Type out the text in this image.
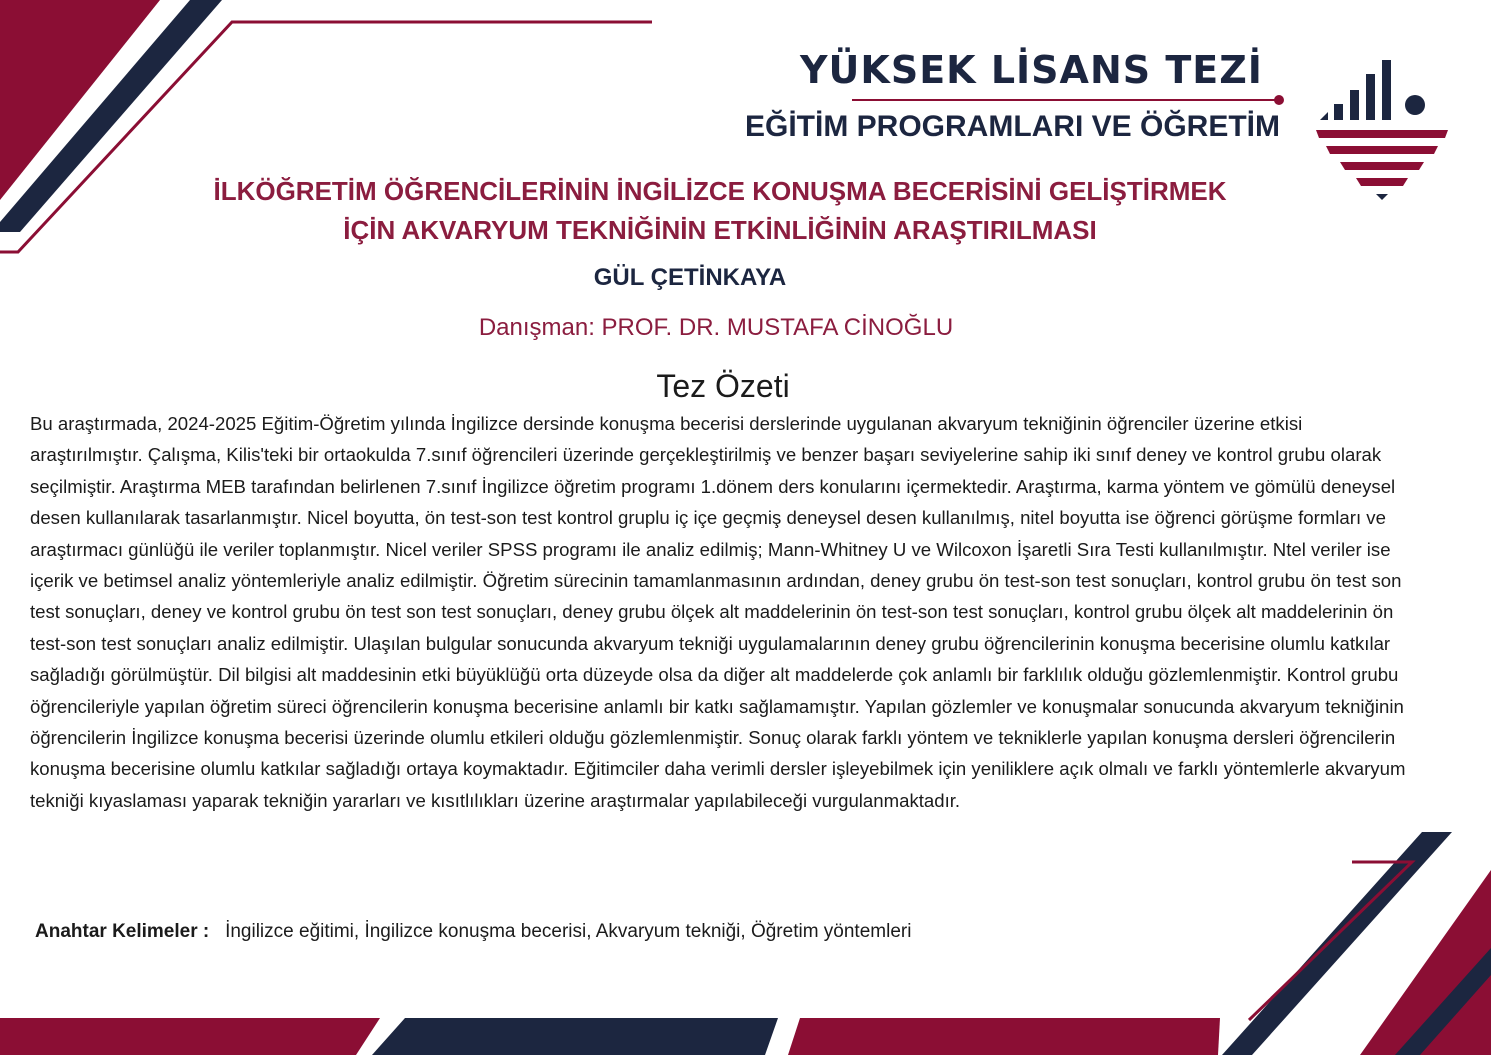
YÜKSEK LİSANS TEZİ
EĞİTİM PROGRAMLARI VE ÖĞRETİM
İLKÖĞRETİM ÖĞRENCİLERİNİN İNGİLİZCE KONUŞMA BECERİSİNİ GELİŞTİRMEK
İÇİN AKVARYUM TEKNİĞİNİN ETKİNLİĞİNİN ARAŞTIRILMASI
GÜL ÇETİNKAYA
Danışman: PROF. DR. MUSTAFA CİNOĞLU
Tez Özeti

Bu araştırmada, 2024-2025 Eğitim-Öğretim yılında İngilizce dersinde konuşma becerisi derslerinde uygulanan akvaryum tekniğinin öğrenciler üzerine etkisi araştırılmıştır. Çalışma, Kilis'teki bir ortaokulda 7.sınıf öğrencileri üzerinde gerçekleştirilmiş ve benzer başarı seviyelerine sahip iki sınıf deney ve kontrol grubu olarak seçilmiştir. Araştırma MEB tarafından belirlenen 7.sınıf İngilizce öğretim programı 1.dönem ders konularını içermektedir. Araştırma, karma yöntem ve gömülü deneysel desen kullanılarak tasarlanmıştır. Nicel boyutta, ön test-son test kontrol gruplu iç içe geçmiş deneysel desen kullanılmış, nitel boyutta ise öğrenci görüşme formları ve araştırmacı günlüğü ile veriler toplanmıştır. Nicel veriler SPSS programı ile analiz edilmiş; Mann-Whitney U ve Wilcoxon İşaretli Sıra Testi kullanılmıştır. Ntel veriler ise içerik ve betimsel analiz yöntemleriyle analiz edilmiştir. Öğretim sürecinin tamamlanmasının ardından, deney grubu ön test-son test sonuçları, kontrol grubu ön test son test sonuçları, deney ve kontrol grubu ön test son test sonuçları, deney grubu ölçek alt maddelerinin ön test-son test sonuçları, kontrol grubu ölçek alt maddelerinin ön test-son test sonuçları analiz edilmiştir. Ulaşılan bulgular sonucunda akvaryum tekniği uygulamalarının deney grubu öğrencilerinin konuşma becerisine olumlu katkılar sağladığı görülmüştür. Dil bilgisi alt maddesinin etki büyüklüğü orta düzeyde olsa da diğer alt maddelerde çok anlamlı bir farklılık olduğu gözlemlenmiştir. Kontrol grubu öğrencileriyle yapılan öğretim süreci öğrencilerin konuşma becerisine anlamlı bir katkı sağlamamıştır. Yapılan gözlemler ve konuşmalar sonucunda akvaryum tekniğinin öğrencilerin İngilizce konuşma becerisi üzerinde olumlu etkileri olduğu gözlemlenmiştir. Sonuç olarak farklı yöntem ve tekniklerle yapılan konuşma dersleri öğrencilerin konuşma becerisine olumlu katkılar sağladığı ortaya koymaktadır. Eğitimciler daha verimli dersler işleyebilmek için yeniliklere açık olmalı ve farklı yöntemlerle akvaryum tekniği kıyaslaması yaparak tekniğin yararları ve kısıtlılıkları üzerine araştırmalar yapılabileceği vurgulanmaktadır.

Anahtar Kelimeler : İngilizce eğitimi, İngilizce konuşma becerisi, Akvaryum tekniği, Öğretim yöntemleri
